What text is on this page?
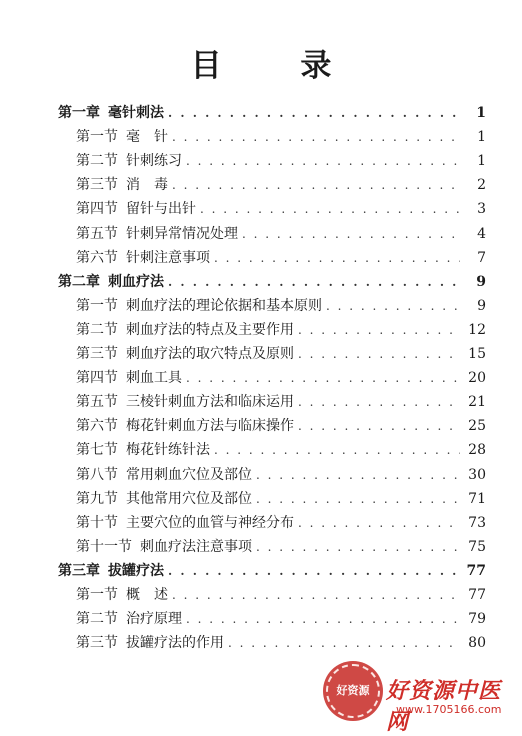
目 录
第一章 毫针刺法 . . .	1
第一节 毫　针 . . .	1
第二节 针刺练习 . . .	1
第三节 消　毒 . . .	2
第四节 留针与出针 . . .	3
第五节 针刺异常情况处理 . . .	4
第六节 针刺注意事项 . . .	7
第二章 刺血疗法 . . .	9
第一节 刺血疗法的理论依据和基本原则 . . .	9
第二节 刺血疗法的特点及主要作用 . . .	12
第三节 刺血疗法的取穴特点及原则 . . .	15
第四节 刺血工具 . . .	20
第五节 三棱针刺血方法和临床运用 . . .	21
第六节 梅花针刺血方法与临床操作 . . .	25
第七节 梅花针练针法 . . .	28
第八节 常用刺血穴位及部位 . . .	30
第九节 其他常用穴位及部位 . . .	71
第十节 主要穴位的血管与神经分布 . . .	73
第十一节 刺血疗法注意事项 . . .	75
第三章 拔罐疗法 . . .	77
第一节 概　述 . . .	77
第二节 治疗原理 . . .	79
第三节 拔罐疗法的作用 . . .	80
好资源 好资源中医网
www.1705166.com
